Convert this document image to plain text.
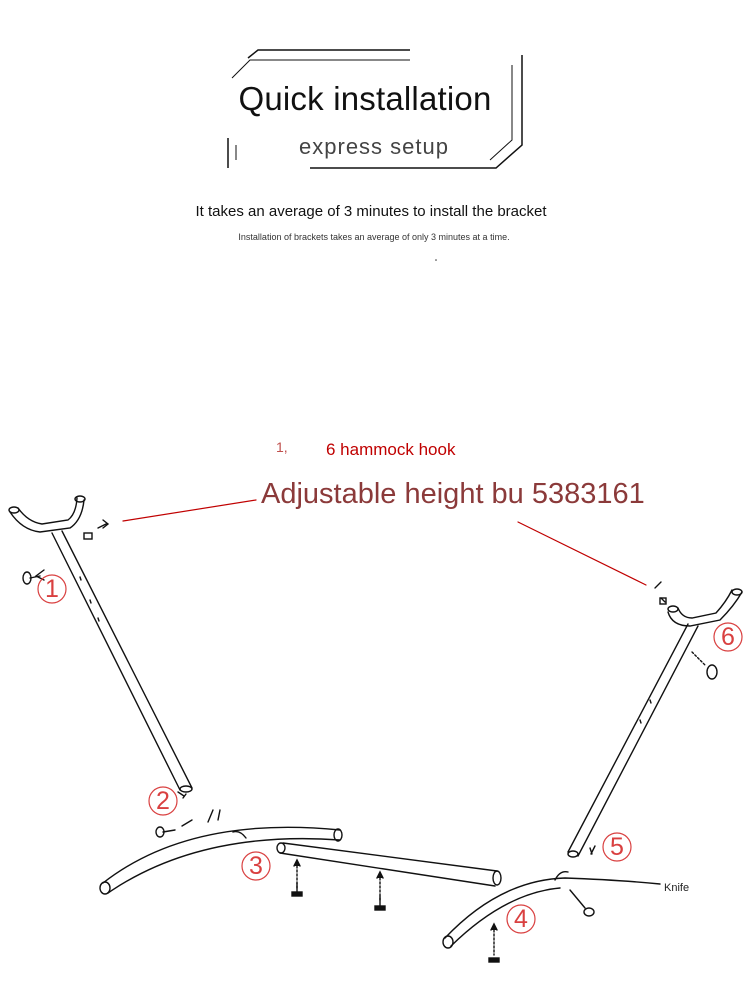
Quick installation
express setup
It takes an average of 3 minutes to install the bracket
Installation of brackets takes an average of only 3 minutes at a time.
1, 6 hammock hook
Adjustable height bu 5383161
Knife
1
2
3
4
5
6
